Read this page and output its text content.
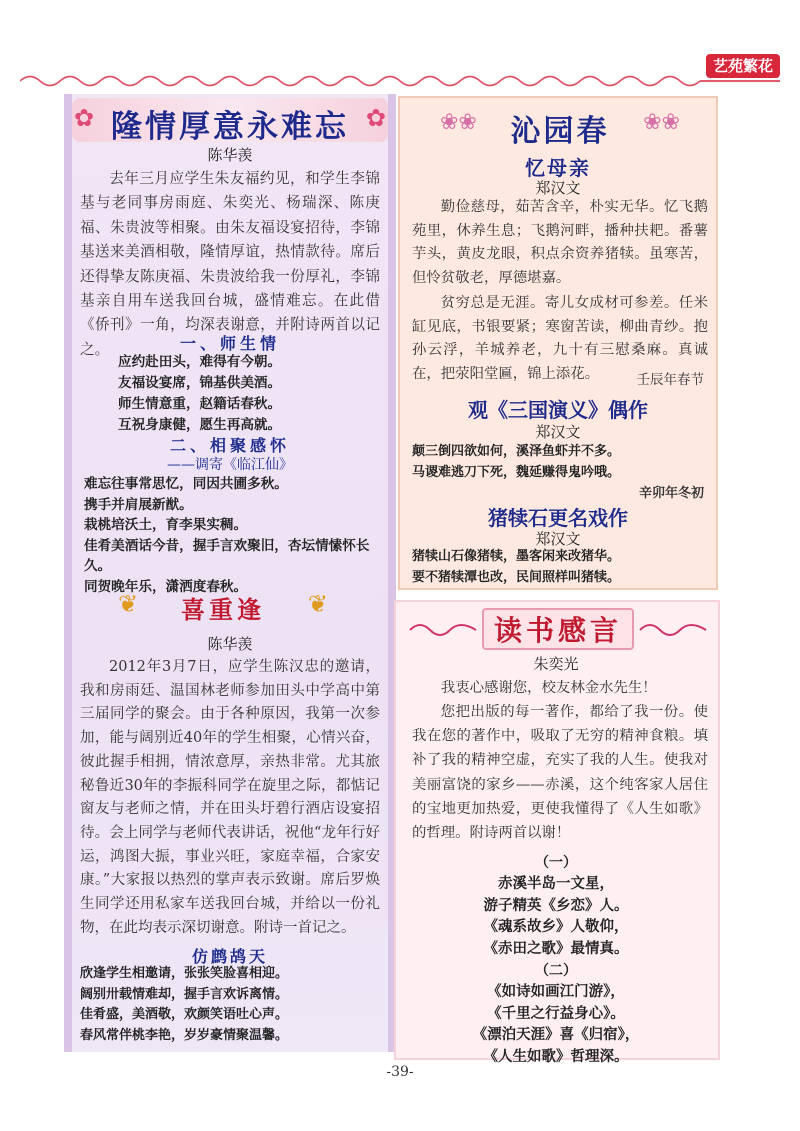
艺苑繁花
✿	✿
隆情厚意永难忘
陈华羡
去年三月应学生朱友福约见，和学生李锦基与老同事房雨庭、朱奕光、杨瑞深、陈庚福、朱贵波等相聚。由朱友福设宴招待，李锦基送来美酒相敬，隆情厚谊，热情款待。席后还得挚友陈庚福、朱贵波给我一份厚礼，李锦基亲自用车送我回台城，盛情难忘。在此借《侨刊》一角，均深表谢意，并附诗两首以记之。	一、师生情
应约赴田头，难得有今朝。
友福设宴席，锦基供美酒。
师生情意重，赵籍话春秋。
互祝身康健，愿生再高就。
二、相聚感怀
——调寄《临江仙》
难忘往事常思忆，同因共圃多秋。
携手并肩展新猷。
栽桃培沃土，育李果实稠。
佳肴美酒话今昔，握手言欢聚旧，杏坛情愫怀长久。
同贺晚年乐，潇洒度春秋。
❦	❦
喜重逢
陈华羡
2012年3月7日，应学生陈汉忠的邀请，我和房雨廷、温国林老师参加田头中学高中第三届同学的聚会。由于各种原因，我第一次参加，能与阔别近40年的学生相聚，心情兴奋，彼此握手相拥，情浓意厚，亲热非常。尤其旅秘鲁近30年的李振科同学在旋里之际，都惦记窗友与老师之情，并在田头圩碧行酒店设宴招待。会上同学与老师代表讲话，祝他“龙年行好运，鸿图大振，事业兴旺，家庭幸福，合家安康。”大家报以热烈的掌声表示致谢。席后罗焕生同学还用私家车送我回台城，并给以一份礼物，在此均表示深切谢意。附诗一首记之。
仿鹧鸪天
欣逢学生相邀请，张张笑脸喜相迎。
阔别卅载情难却，握手言欢诉离情。
佳肴盛，美酒敬，欢颜笑语吐心声。
春风常伴桃李艳，岁岁豪情聚温馨。
❀❀	❀❀
沁园春
忆母亲
郑汉文
勤俭慈母，茹苦含辛，朴实无华。忆飞鹅苑里，休养生息；飞鹅河畔，播种扶耙。番薯芋头，黄皮龙眼，积点余资养猪犊。虽寒苦，但怜贫敬老，厚德堪嘉。
贫穷总是无涯。寄儿女成材可参差。任米缸见底，书银要紧；寒窗苦读，柳曲青纱。抱孙云浮，羊城养老，九十有三慰桑麻。真诚在，把荥阳堂匾，锦上添花。	壬辰年春节
观《三国演义》偶作
郑汉文
颠三倒四欲如何，溪泽鱼虾并不多。
马谡难逃刀下死，魏延赚得鬼吟哦。
辛卯年冬初
猪犊石更名戏作
郑汉文
猪犊山石像猪犊，墨客闲来改猪华。
要不猪犊潭也改，民间照样叫猪犊。
读书感言
朱奕光
我衷心感谢您，校友林金水先生！
您把出版的每一著作，都给了我一份。使我在您的著作中，吸取了无穷的精神食粮。填补了我的精神空虚，充实了我的人生。使我对美丽富饶的家乡——赤溪，这个纯客家人居住的宝地更加热爱，更使我懂得了《人生如歌》的哲理。附诗两首以谢！
（一）
赤溪半岛一文星，
游子精英《乡恋》人。
《魂系故乡》人敬仰，
《赤田之歌》最情真。
（二）
《如诗如画江门游》，
《千里之行益身心》。
《漂泊天涯》喜《归宿》，
《人生如歌》哲理深。
-39-
